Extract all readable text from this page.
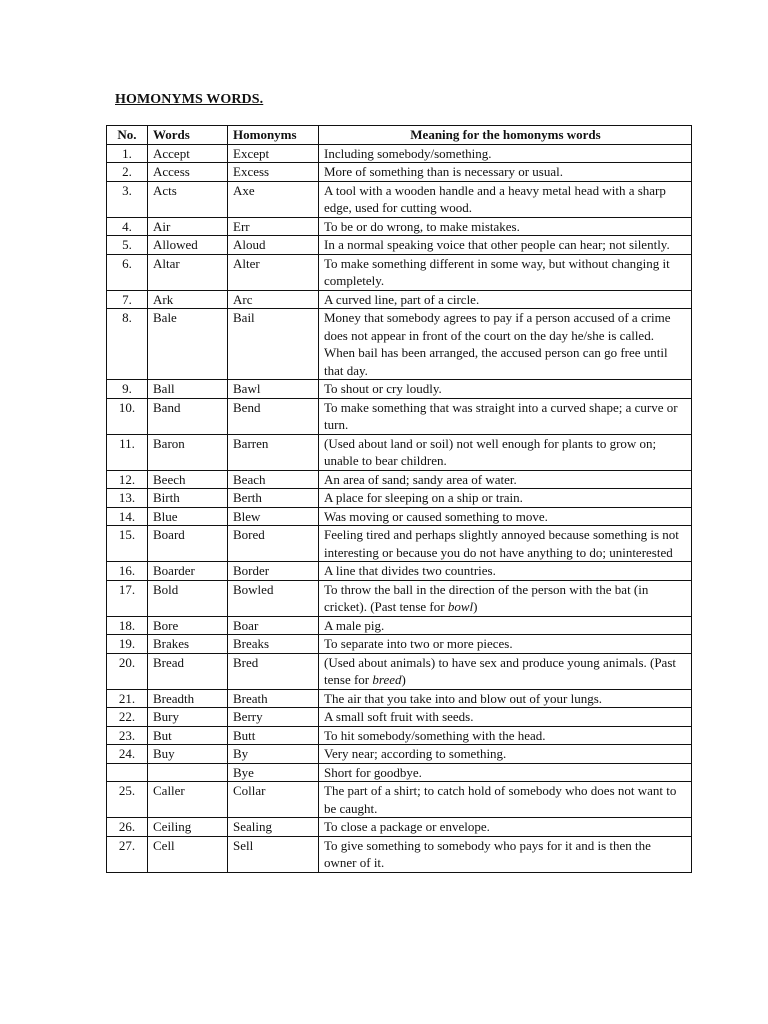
HOMONYMS WORDS.
No.	Words	Homonyms	Meaning for the homonyms words
1.	Accept	Except	Including somebody/something.
2.	Access	Excess	More of something than is necessary or usual.
3.	Acts	Axe	A tool with a wooden handle and a heavy metal head with a sharp edge, used for cutting wood.
4.	Air	Err	To be or do wrong, to make mistakes.
5.	Allowed	Aloud	In a normal speaking voice that other people can hear; not silently.
6.	Altar	Alter	To make something different in some way, but without changing it completely.
7.	Ark	Arc	A curved line, part of a circle.
8.	Bale	Bail	Money that somebody agrees to pay if a person accused of a crime does not appear in front of the court on the day he/she is called. When bail has been arranged, the accused person can go free until that day.
9.	Ball	Bawl	To shout or cry loudly.
10.	Band	Bend	To make something that was straight into a curved shape; a curve or turn.
11.	Baron	Barren	(Used about land or soil) not well enough for plants to grow on; unable to bear children.
12.	Beech	Beach	An area of sand; sandy area of water.
13.	Birth	Berth	A place for sleeping on a ship or train.
14.	Blue	Blew	Was moving or caused something to move.
15.	Board	Bored	Feeling tired and perhaps slightly annoyed because something is not interesting or because you do not have anything to do; uninterested
16.	Boarder	Border	A line that divides two countries.
17.	Bold	Bowled	To throw the ball in the direction of the person with the bat (in cricket). (Past tense for bowl)
18.	Bore	Boar	A male pig.
19.	Brakes	Breaks	To separate into two or more pieces.
20.	Bread	Bred	(Used about animals) to have sex and produce young animals. (Past tense for breed)
21.	Breadth	Breath	The air that you take into and blow out of your lungs.
22.	Bury	Berry	A small soft fruit with seeds.
23.	But	Butt	To hit somebody/something with the head.
24.	Buy	By	Very near; according to something.
		Bye	Short for goodbye.
25.	Caller	Collar	The part of a shirt; to catch hold of somebody who does not want to be caught.
26.	Ceiling	Sealing	To close a package or envelope.
27.	Cell	Sell	To give something to somebody who pays for it and is then the owner of it.
